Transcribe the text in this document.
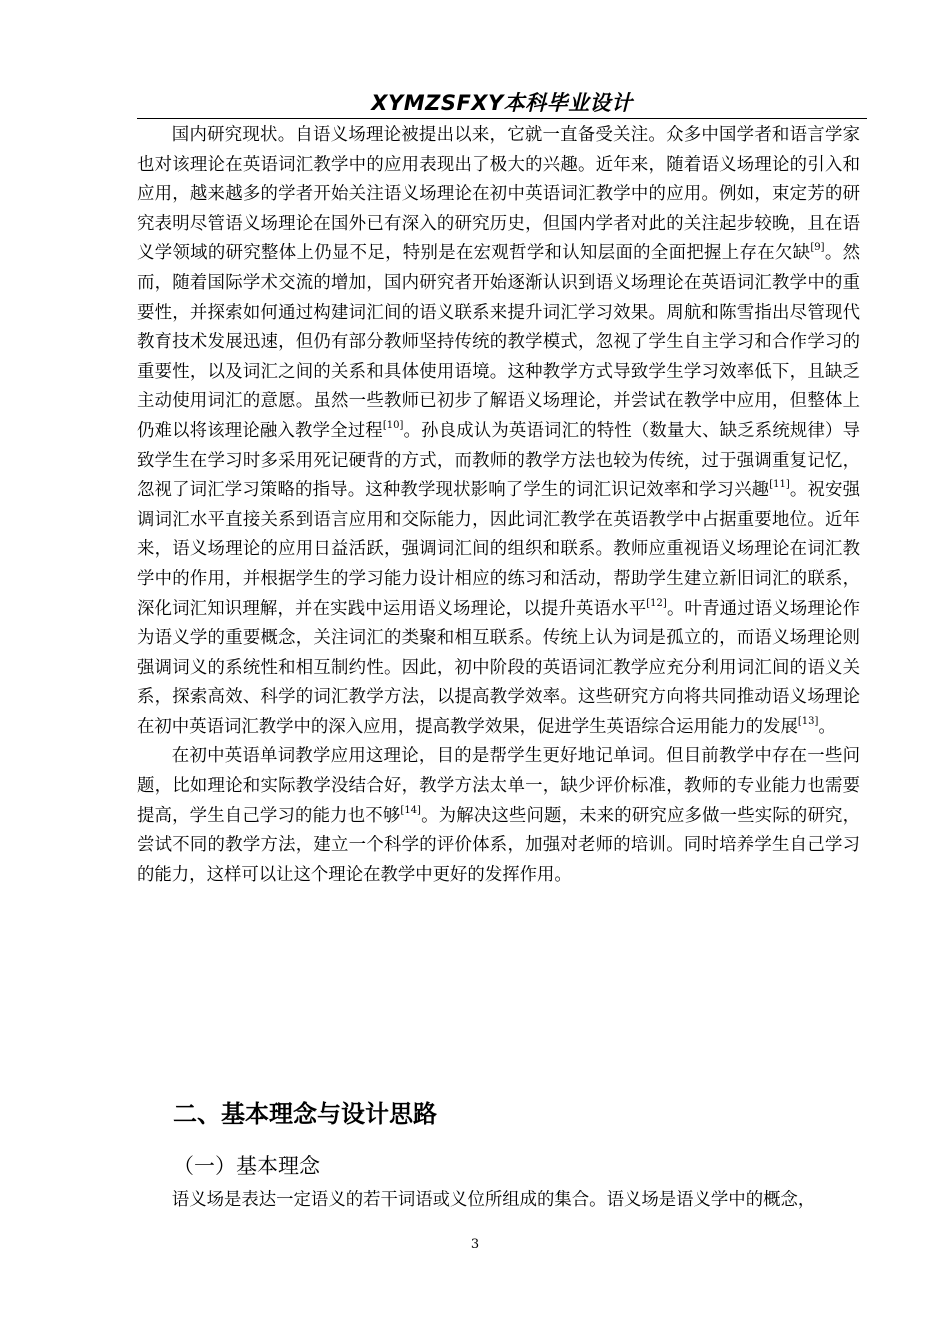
XYMZSFXY本科毕业设计

国内研究现状。自语义场理论被提出以来，它就一直备受关注。众多中国学者和语言学家也对该理论在英语词汇教学中的应用表现出了极大的兴趣。近年来，随着语义场理论的引入和应用，越来越多的学者开始关注语义场理论在初中英语词汇教学中的应用。例如，束定芳的研究表明尽管语义场理论在国外已有深入的研究历史，但国内学者对此的关注起步较晚，且在语义学领域的研究整体上仍显不足，特别是在宏观哲学和认知层面的全面把握上存在欠缺[9]。然而，随着国际学术交流的增加，国内研究者开始逐渐认识到语义场理论在英语词汇教学中的重要性，并探索如何通过构建词汇间的语义联系来提升词汇学习效果。周航和陈雪指出尽管现代教育技术发展迅速，但仍有部分教师坚持传统的教学模式，忽视了学生自主学习和合作学习的重要性，以及词汇之间的关系和具体使用语境。这种教学方式导致学生学习效率低下，且缺乏主动使用词汇的意愿。虽然一些教师已初步了解语义场理论，并尝试在教学中应用，但整体上仍难以将该理论融入教学全过程[10]。孙良成认为英语词汇的特性（数量大、缺乏系统规律）导致学生在学习时多采用死记硬背的方式，而教师的教学方法也较为传统，过于强调重复记忆，忽视了词汇学习策略的指导。这种教学现状影响了学生的词汇识记效率和学习兴趣[11]。祝安强调词汇水平直接关系到语言应用和交际能力，因此词汇教学在英语教学中占据重要地位。近年来，语义场理论的应用日益活跃，强调词汇间的组织和联系。教师应重视语义场理论在词汇教学中的作用，并根据学生的学习能力设计相应的练习和活动，帮助学生建立新旧词汇的联系，深化词汇知识理解，并在实践中运用语义场理论，以提升英语水平[12]。叶青通过语义场理论作为语义学的重要概念，关注词汇的类聚和相互联系。传统上认为词是孤立的，而语义场理论则强调词义的系统性和相互制约性。因此，初中阶段的英语词汇教学应充分利用词汇间的语义关系，探索高效、科学的词汇教学方法，以提高教学效率。这些研究方向将共同推动语义场理论在初中英语词汇教学中的深入应用，提高教学效果，促进学生英语综合运用能力的发展[13]。

在初中英语单词教学应用这理论，目的是帮学生更好地记单词。但目前教学中存在一些问题，比如理论和实际教学没结合好，教学方法太单一，缺少评价标准，教师的专业能力也需要提高，学生自己学习的能力也不够[14]。为解决这些问题，未来的研究应多做一些实际的研究，尝试不同的教学方法，建立一个科学的评价体系，加强对老师的培训。同时培养学生自己学习的能力，这样可以让这个理论在教学中更好的发挥作用。

二、基本理念与设计思路
（一）基本理念
语义场是表达一定语义的若干词语或义位所组成的集合。语义场是语义学中的概念，
3
